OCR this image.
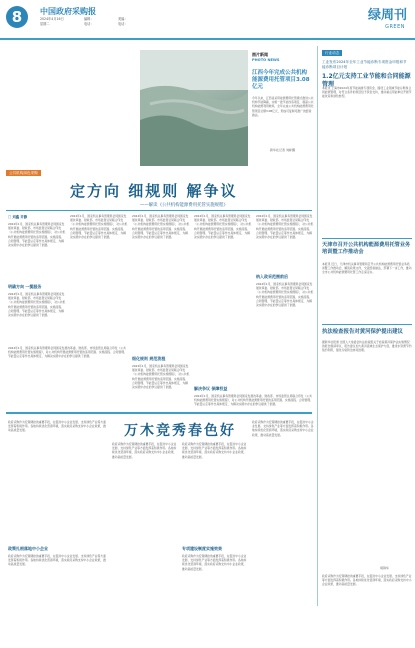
8	中国政府采购报
2024年4月16日
星期二
编辑：
电话：
美编：
电话：
绿周刊
GREEN
图片新闻
PHOTO NEWS
江西今年完成公共机构能源费用托管项目3.08亿元
今年以来，江西省采用能源费用托管模式推进公共机构节能降碳，实施一批节能改造项目，提高公共机构能源利用效率，全年完成公共机构能源费用托管项目总额3.08亿元，形成可复制可推广的经验做法。
新华社记者 刘彬摄
行业动态
工业发布2024年全年工业节能诊断专项资金申报和节能诊断项目计划
1.2亿元支持工业节能和合同能源管理
本报讯 上海市2024年度节能减排专项资金，围绕工业领域节能诊断和合同能源管理，对符合条件的项目给予资金支持，推动重点用能单位开展节能改造和绿色转型。
公共机构绿色采购
定方向 细规则 解争议
——解读《公共机构能源费用托管实施规程》
□ 刘鑫 许静
2024年1月，国家机关事务管理局会同国家发展改革委、财政部、市场监管总局联合印发《公共机构能源费用托管实施规程》，对公共机构开展能源费用托管的适用范围、实施流程、合同管理、节能量认定等作出具体规定，为解决实践中存在的争议提供了依据。
明确方向 一揽服务
2024年1月，国家机关事务管理局会同国家发展改革委、财政部、市场监管总局联合印发《公共机构能源费用托管实施规程》，对公共机构开展能源费用托管的适用范围、实施流程、合同管理、节能量认定等作出具体规定，为解决实践中存在的争议提供了依据。
2024年1月，国家机关事务管理局会同国家发展改革委、财政部、市场监管总局联合印发《公共机构能源费用托管实施规程》，对公共机构开展能源费用托管的适用范围、实施流程、合同管理、节能量认定等作出具体规定，为解决实践中存在的争议提供了依据。
细化规则 规范流程
2024年1月，国家机关事务管理局会同国家发展改革委、财政部、市场监管总局联合印发《公共机构能源费用托管实施规程》，对公共机构开展能源费用托管的适用范围、实施流程、合同管理、节能量认定等作出具体规定，为解决实践中存在的争议提供了依据。
2024年1月，国家机关事务管理局会同国家发展改革委、财政部、市场监管总局联合印发《公共机构能源费用托管实施规程》，对公共机构开展能源费用托管的适用范围、实施流程、合同管理、节能量认定等作出具体规定，为解决实践中存在的争议提供了依据。
纳入政采范围前后
2024年1月，国家机关事务管理局会同国家发展改革委、财政部、市场监管总局联合印发《公共机构能源费用托管实施规程》，对公共机构开展能源费用托管的适用范围、实施流程、合同管理、节能量认定等作出具体规定，为解决实践中存在的争议提供了依据。
2024年1月，国家机关事务管理局会同国家发展改革委、财政部、市场监管总局联合印发《公共机构能源费用托管实施规程》，对公共机构开展能源费用托管的适用范围、实施流程、合同管理、节能量认定等作出具体规定，为解决实践中存在的争议提供了依据。
解决争议 保障权益
2024年1月，国家机关事务管理局会同国家发展改革委、财政部、市场监管总局联合印发《公共机构能源费用托管实施规程》，对公共机构开展能源费用托管的适用范围、实施流程、合同管理、节能量认定等作出具体规定，为解决实践中存在的争议提供了依据。
2024年1月，国家机关事务管理局会同国家发展改革委、财政部、市场监管总局联合印发《公共机构能源费用托管实施规程》，对公共机构开展能源费用托管的适用范围、实施流程、合同管理、节能量认定等作出具体规定，为解决实践中存在的争议提供了依据。
2024年1月，国家机关事务管理局会同国家发展改革委、财政部、市场监管总局联合印发《公共机构能源费用托管实施规程》，对公共机构开展能源费用托管的适用范围、实施流程、合同管理、节能量认定等作出具体规定，为解决实践中存在的争议提供了依据。
天津市召开公共机构能源费用托管业务培训暨工作推动会
本报讯 近日，天津市机关事务管理局召开公共机构能源费用托管业务培训暨工作推动会，解读政策文件，交流经验做法，部署下一步工作，推动全市公共机构能源费用托管工作走深走实。
执法检查报告对黄河保护提出建议
据新华社报道 全国人大常委会执法检查组关于检查黄河保护法实施情况的报告提请审议，报告建议加大黄河流域生态保护力度，推进水资源节约集约利用，强化污染防治协同治理。
胡锦华
万木竞秀春色好
政府采购作为宏观调控的重要手段，在促进中小企业发展、支持绿色产业等方面发挥着积极作用。各地持续优化营商环境，落实政府采购支持中小企业政策，推动高质量发展。
政策扎根落地中小企业
政府采购作为宏观调控的重要手段，在促进中小企业发展、支持绿色产业等方面发挥着积极作用。各地持续优化营商环境，落实政府采购支持中小企业政策，推动高质量发展。
政府采购作为宏观调控的重要手段，在促进中小企业发展、支持绿色产业等方面发挥着积极作用。各地持续优化营商环境，落实政府采购支持中小企业政策，推动高质量发展。
政府采购作为宏观调控的重要手段，在促进中小企业发展、支持绿色产业等方面发挥着积极作用。各地持续优化营商环境，落实政府采购支持中小企业政策，推动高质量发展。
专项建设制度实施效果
政府采购作为宏观调控的重要手段，在促进中小企业发展、支持绿色产业等方面发挥着积极作用。各地持续优化营商环境，落实政府采购支持中小企业政策，推动高质量发展。
政府采购作为宏观调控的重要手段，在促进中小企业发展、支持绿色产业等方面发挥着积极作用。各地持续优化营商环境，落实政府采购支持中小企业政策，推动高质量发展。
政府采购作为宏观调控的重要手段，在促进中小企业发展、支持绿色产业等方面发挥着积极作用。各地持续优化营商环境，落实政府采购支持中小企业政策，推动高质量发展。
